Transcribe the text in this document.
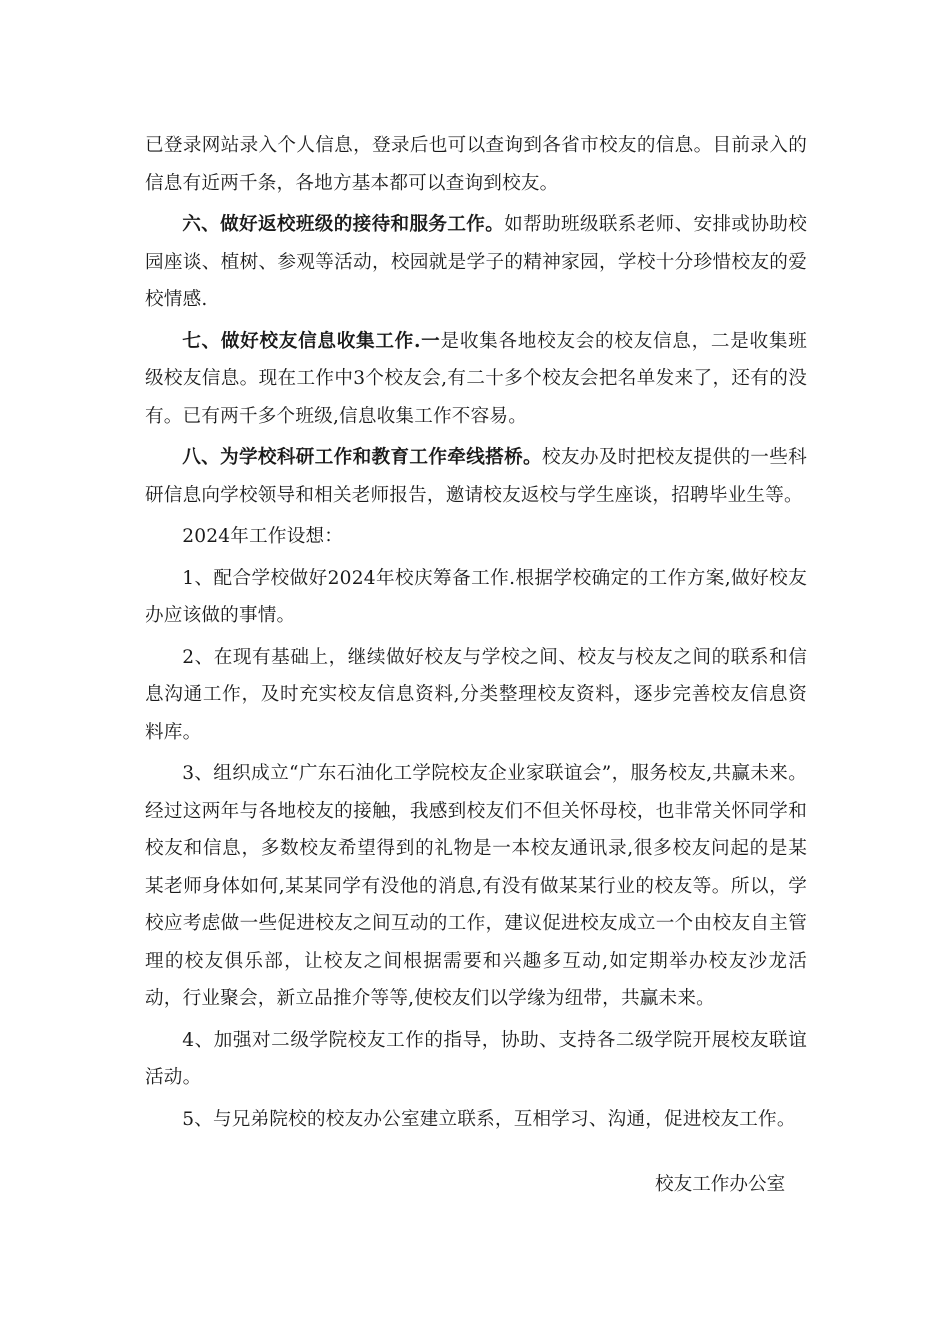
已登录网站录入个人信息，登录后也可以查询到各省市校友的信息。目前录入的信息有近两千条，各地方基本都可以查询到校友。

六、做好返校班级的接待和服务工作。如帮助班级联系老师、安排或协助校园座谈、植树、参观等活动，校园就是学子的精神家园，学校十分珍惜校友的爱校情感.

七、做好校友信息收集工作.一是收集各地校友会的校友信息，二是收集班级校友信息。现在工作中3个校友会,有二十多个校友会把名单发来了，还有的没有。已有两千多个班级,信息收集工作不容易。

八、为学校科研工作和教育工作牵线搭桥。校友办及时把校友提供的一些科研信息向学校领导和相关老师报告，邀请校友返校与学生座谈，招聘毕业生等。

2024年工作设想：

1、配合学校做好2024年校庆筹备工作.根据学校确定的工作方案,做好校友办应该做的事情。

2、在现有基础上，继续做好校友与学校之间、校友与校友之间的联系和信息沟通工作，及时充实校友信息资料,分类整理校友资料，逐步完善校友信息资料库。

3、组织成立“广东石油化工学院校友企业家联谊会”，服务校友,共赢未来。经过这两年与各地校友的接触，我感到校友们不但关怀母校，也非常关怀同学和校友和信息，多数校友希望得到的礼物是一本校友通讯录,很多校友问起的是某某老师身体如何,某某同学有没他的消息,有没有做某某行业的校友等。所以，学校应考虑做一些促进校友之间互动的工作，建议促进校友成立一个由校友自主管理的校友俱乐部，让校友之间根据需要和兴趣多互动,如定期举办校友沙龙活动，行业聚会，新立品推介等等,使校友们以学缘为纽带，共赢未来。

4、加强对二级学院校友工作的指导，协助、支持各二级学院开展校友联谊活动。

5、与兄弟院校的校友办公室建立联系，互相学习、沟通，促进校友工作。

校友工作办公室
